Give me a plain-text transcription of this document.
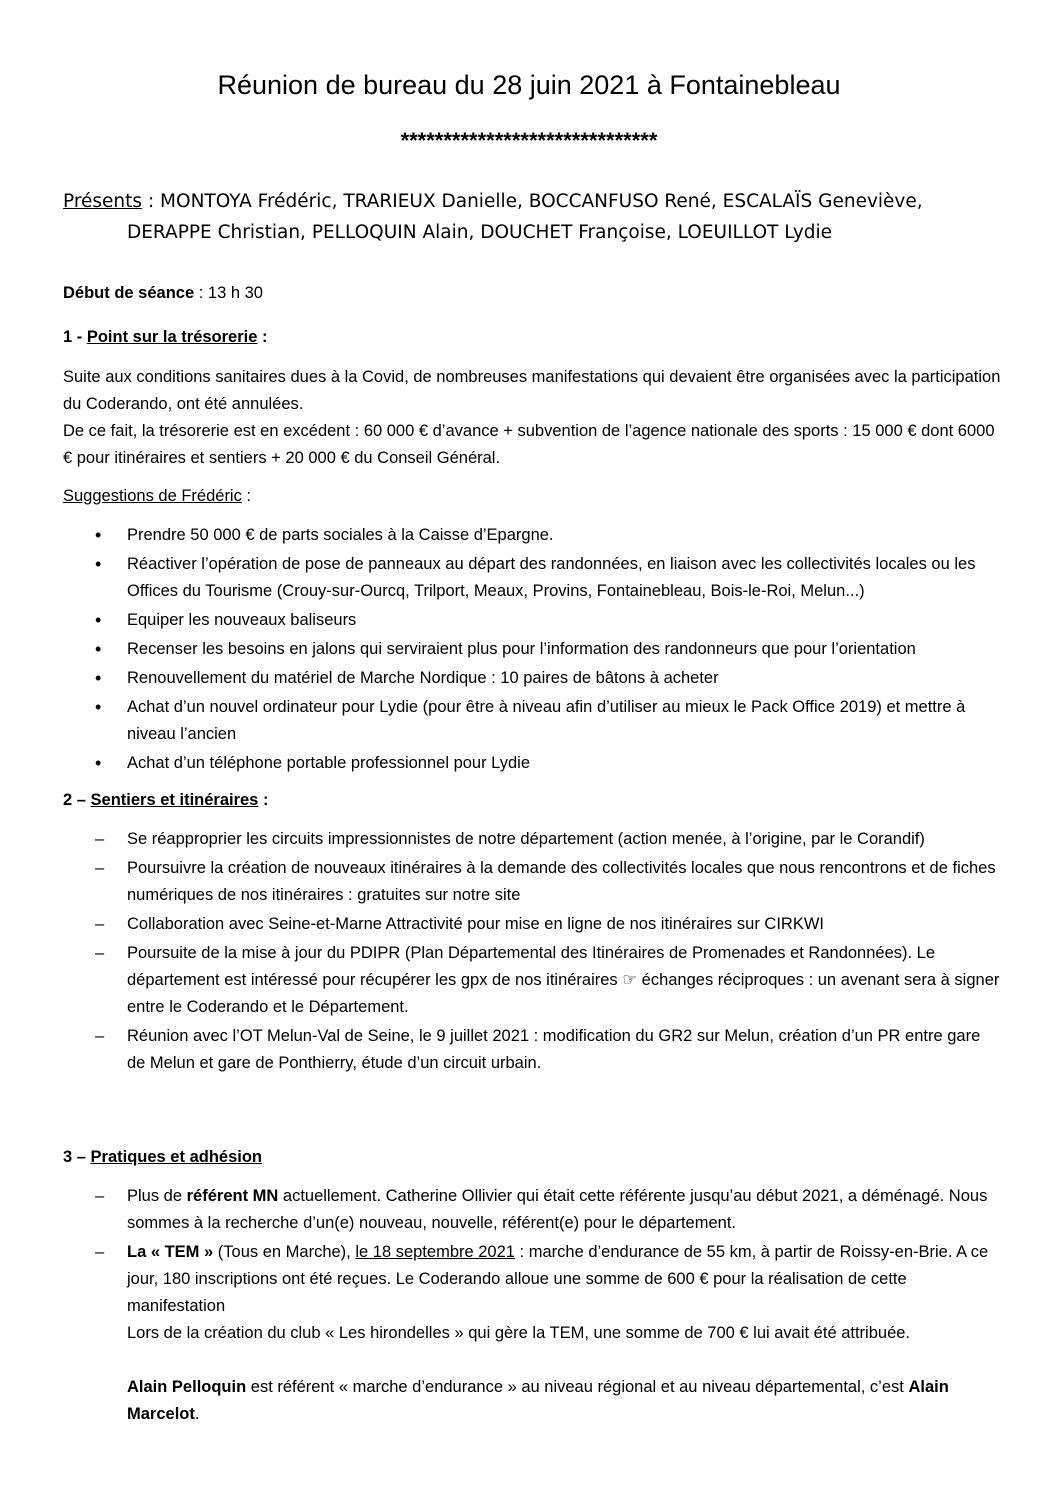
Réunion de bureau du 28 juin 2021 à Fontainebleau
******************************
Présents : MONTOYA Frédéric, TRARIEUX Danielle, BOCCANFUSO René, ESCALAÏS Geneviève,
DERAPPE Christian, PELLOQUIN Alain, DOUCHET Françoise, LOEUILLOT Lydie
Début de séance : 13 h 30
1 - Point sur la trésorerie :
Suite aux conditions sanitaires dues à la Covid, de nombreuses manifestations qui devaient être organisées avec la participation du Coderando, ont été annulées.
De ce fait, la trésorerie est en excédent : 60 000 € d’avance + subvention de l’agence nationale des sports : 15 000 € dont 6000 € pour itinéraires et sentiers + 20 000 € du Conseil Général.
Suggestions de Frédéric :
• Prendre 50 000 € de parts sociales à la Caisse d’Epargne.
• Réactiver l’opération de pose de panneaux au départ des randonnées, en liaison avec les collectivités locales ou les Offices du Tourisme (Crouy-sur-Ourcq, Trilport, Meaux, Provins, Fontainebleau, Bois-le-Roi, Melun...)
• Equiper les nouveaux baliseurs
• Recenser les besoins en jalons qui serviraient plus pour l’information des randonneurs que pour l’orientation
• Renouvellement du matériel de Marche Nordique : 10 paires de bâtons à acheter
• Achat d’un nouvel ordinateur pour Lydie (pour être à niveau afin d’utiliser au mieux le Pack Office 2019) et mettre à niveau l’ancien
• Achat d’un téléphone portable professionnel pour Lydie
2 – Sentiers et itinéraires :
– Se réapproprier les circuits impressionnistes de notre département (action menée, à l’origine, par le Corandif)
– Poursuivre la création de nouveaux itinéraires à la demande des collectivités locales que nous rencontrons et de fiches numériques de nos itinéraires : gratuites sur notre site
– Collaboration avec Seine-et-Marne Attractivité pour mise en ligne de nos itinéraires sur CIRKWI
– Poursuite de la mise à jour du PDIPR (Plan Départemental des Itinéraires de Promenades et Randonnées). Le département est intéressé pour récupérer les gpx de nos itinéraires ☞ échanges réciproques : un avenant sera à signer entre le Coderando et le Département.
– Réunion avec l’OT Melun-Val de Seine, le 9 juillet 2021 : modification du GR2 sur Melun, création d’un PR entre gare de Melun et gare de Ponthierry, étude d’un circuit urbain.
3 – Pratiques et adhésion
– Plus de référent MN actuellement. Catherine Ollivier qui était cette référente jusqu’au début 2021, a déménagé. Nous sommes à la recherche d’un(e) nouveau, nouvelle, référent(e) pour le département.
– La « TEM » (Tous en Marche), le 18 septembre 2021 : marche d’endurance de 55 km, à partir de Roissy-en-Brie. A ce jour, 180 inscriptions ont été reçues. Le Coderando alloue une somme de 600 € pour la réalisation de cette manifestation
Lors de la création du club « Les hirondelles » qui gère la TEM, une somme de 700 € lui avait été attribuée.

Alain Pelloquin est référent « marche d’endurance » au niveau régional et au niveau départemental, c’est Alain Marcelot.
